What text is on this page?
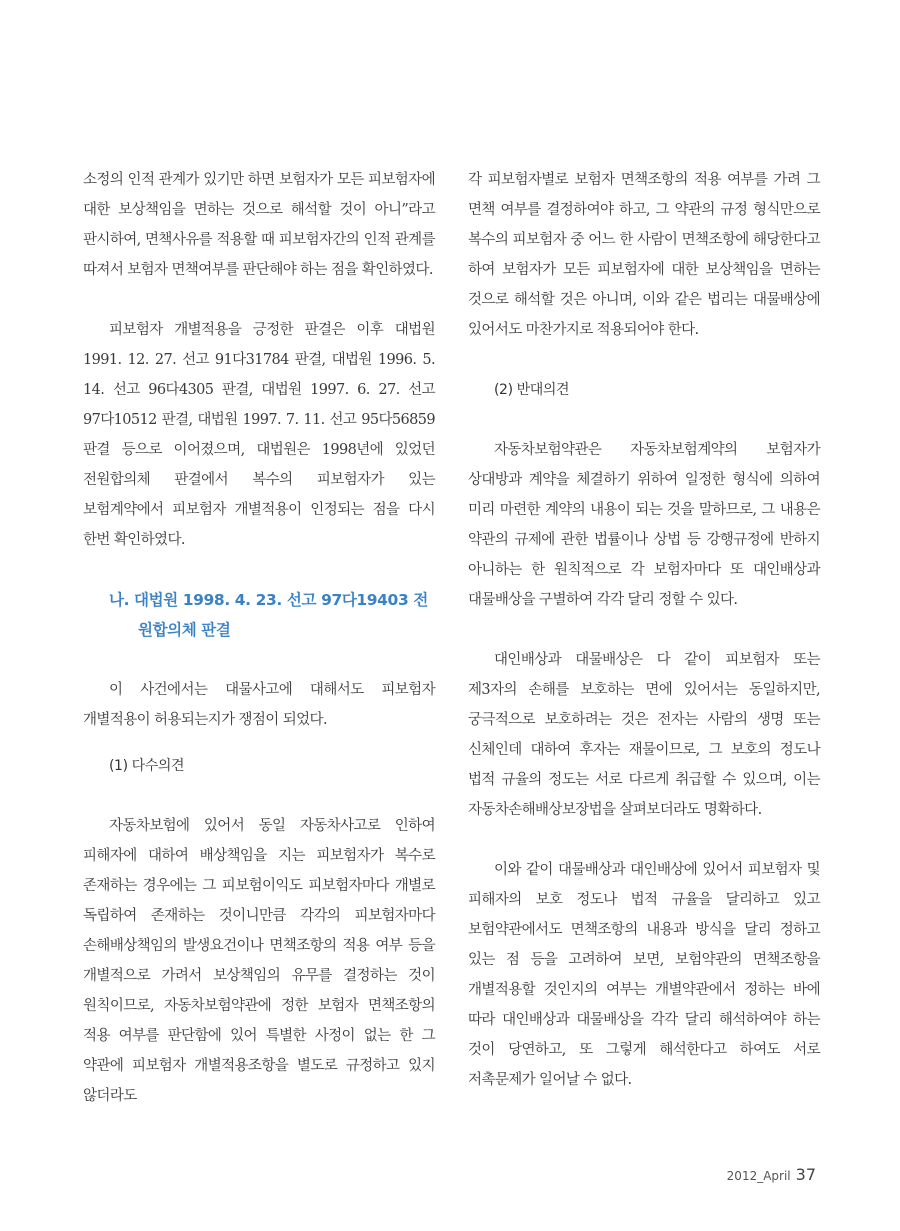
소정의 인적 관계가 있기만 하면 보험자가 모든 피보험자에 대한 보상책임을 면하는 것으로 해석할 것이 아니”라고 판시하여, 면책사유를 적용할 때 피보험자간의 인적 관계를 따져서 보험자 면책여부를 판단해야 하는 점을 확인하였다.

피보험자 개별적용을 긍정한 판결은 이후 대법원 1991. 12. 27. 선고 91다31784 판결, 대법원 1996. 5. 14. 선고 96다4305 판결, 대법원 1997. 6. 27. 선고 97다10512 판결, 대법원 1997. 7. 11. 선고 95다56859 판결 등으로 이어졌으며, 대법원은 1998년에 있었던 전원합의체 판결에서 복수의 피보험자가 있는 보험계약에서 피보험자 개별적용이 인정되는 점을 다시 한번 확인하였다.

나. 대법원 1998. 4. 23. 선고 97다19403 전원합의체 판결

이 사건에서는 대물사고에 대해서도 피보험자 개별적용이 허용되는지가 쟁점이 되었다.

(1) 다수의견

자동차보험에 있어서 동일 자동차사고로 인하여 피해자에 대하여 배상책임을 지는 피보험자가 복수로 존재하는 경우에는 그 피보험이익도 피보험자마다 개별로 독립하여 존재하는 것이니만큼 각각의 피보험자마다 손해배상책임의 발생요건이나 면책조항의 적용 여부 등을 개별적으로 가려서 보상책임의 유무를 결정하는 것이 원칙이므로, 자동차보험약관에 정한 보험자 면책조항의 적용 여부를 판단함에 있어 특별한 사정이 없는 한 그 약관에 피보험자 개별적용조항을 별도로 규정하고 있지 않더라도

각 피보험자별로 보험자 면책조항의 적용 여부를 가려 그 면책 여부를 결정하여야 하고, 그 약관의 규정 형식만으로 복수의 피보험자 중 어느 한 사람이 면책조항에 해당한다고 하여 보험자가 모든 피보험자에 대한 보상책임을 면하는 것으로 해석할 것은 아니며, 이와 같은 법리는 대물배상에 있어서도 마찬가지로 적용되어야 한다.

(2) 반대의견

자동차보험약관은 자동차보험계약의 보험자가 상대방과 계약을 체결하기 위하여 일정한 형식에 의하여 미리 마련한 계약의 내용이 되는 것을 말하므로, 그 내용은 약관의 규제에 관한 법률이나 상법 등 강행규정에 반하지 아니하는 한 원칙적으로 각 보험자마다 또 대인배상과 대물배상을 구별하여 각각 달리 정할 수 있다.

대인배상과 대물배상은 다 같이 피보험자 또는 제3자의 손해를 보호하는 면에 있어서는 동일하지만, 궁극적으로 보호하려는 것은 전자는 사람의 생명 또는 신체인데 대하여 후자는 재물이므로, 그 보호의 정도나 법적 규율의 정도는 서로 다르게 취급할 수 있으며, 이는 자동차손해배상보장법을 살펴보더라도 명확하다.

이와 같이 대물배상과 대인배상에 있어서 피보험자 및 피해자의 보호 정도나 법적 규율을 달리하고 있고 보험약관에서도 면책조항의 내용과 방식을 달리 정하고 있는 점 등을 고려하여 보면, 보험약관의 면책조항을 개별적용할 것인지의 여부는 개별약관에서 정하는 바에 따라 대인배상과 대물배상을 각각 달리 해석하여야 하는 것이 당연하고, 또 그렇게 해석한다고 하여도 서로 저촉문제가 일어날 수 없다.

2012_April 37
